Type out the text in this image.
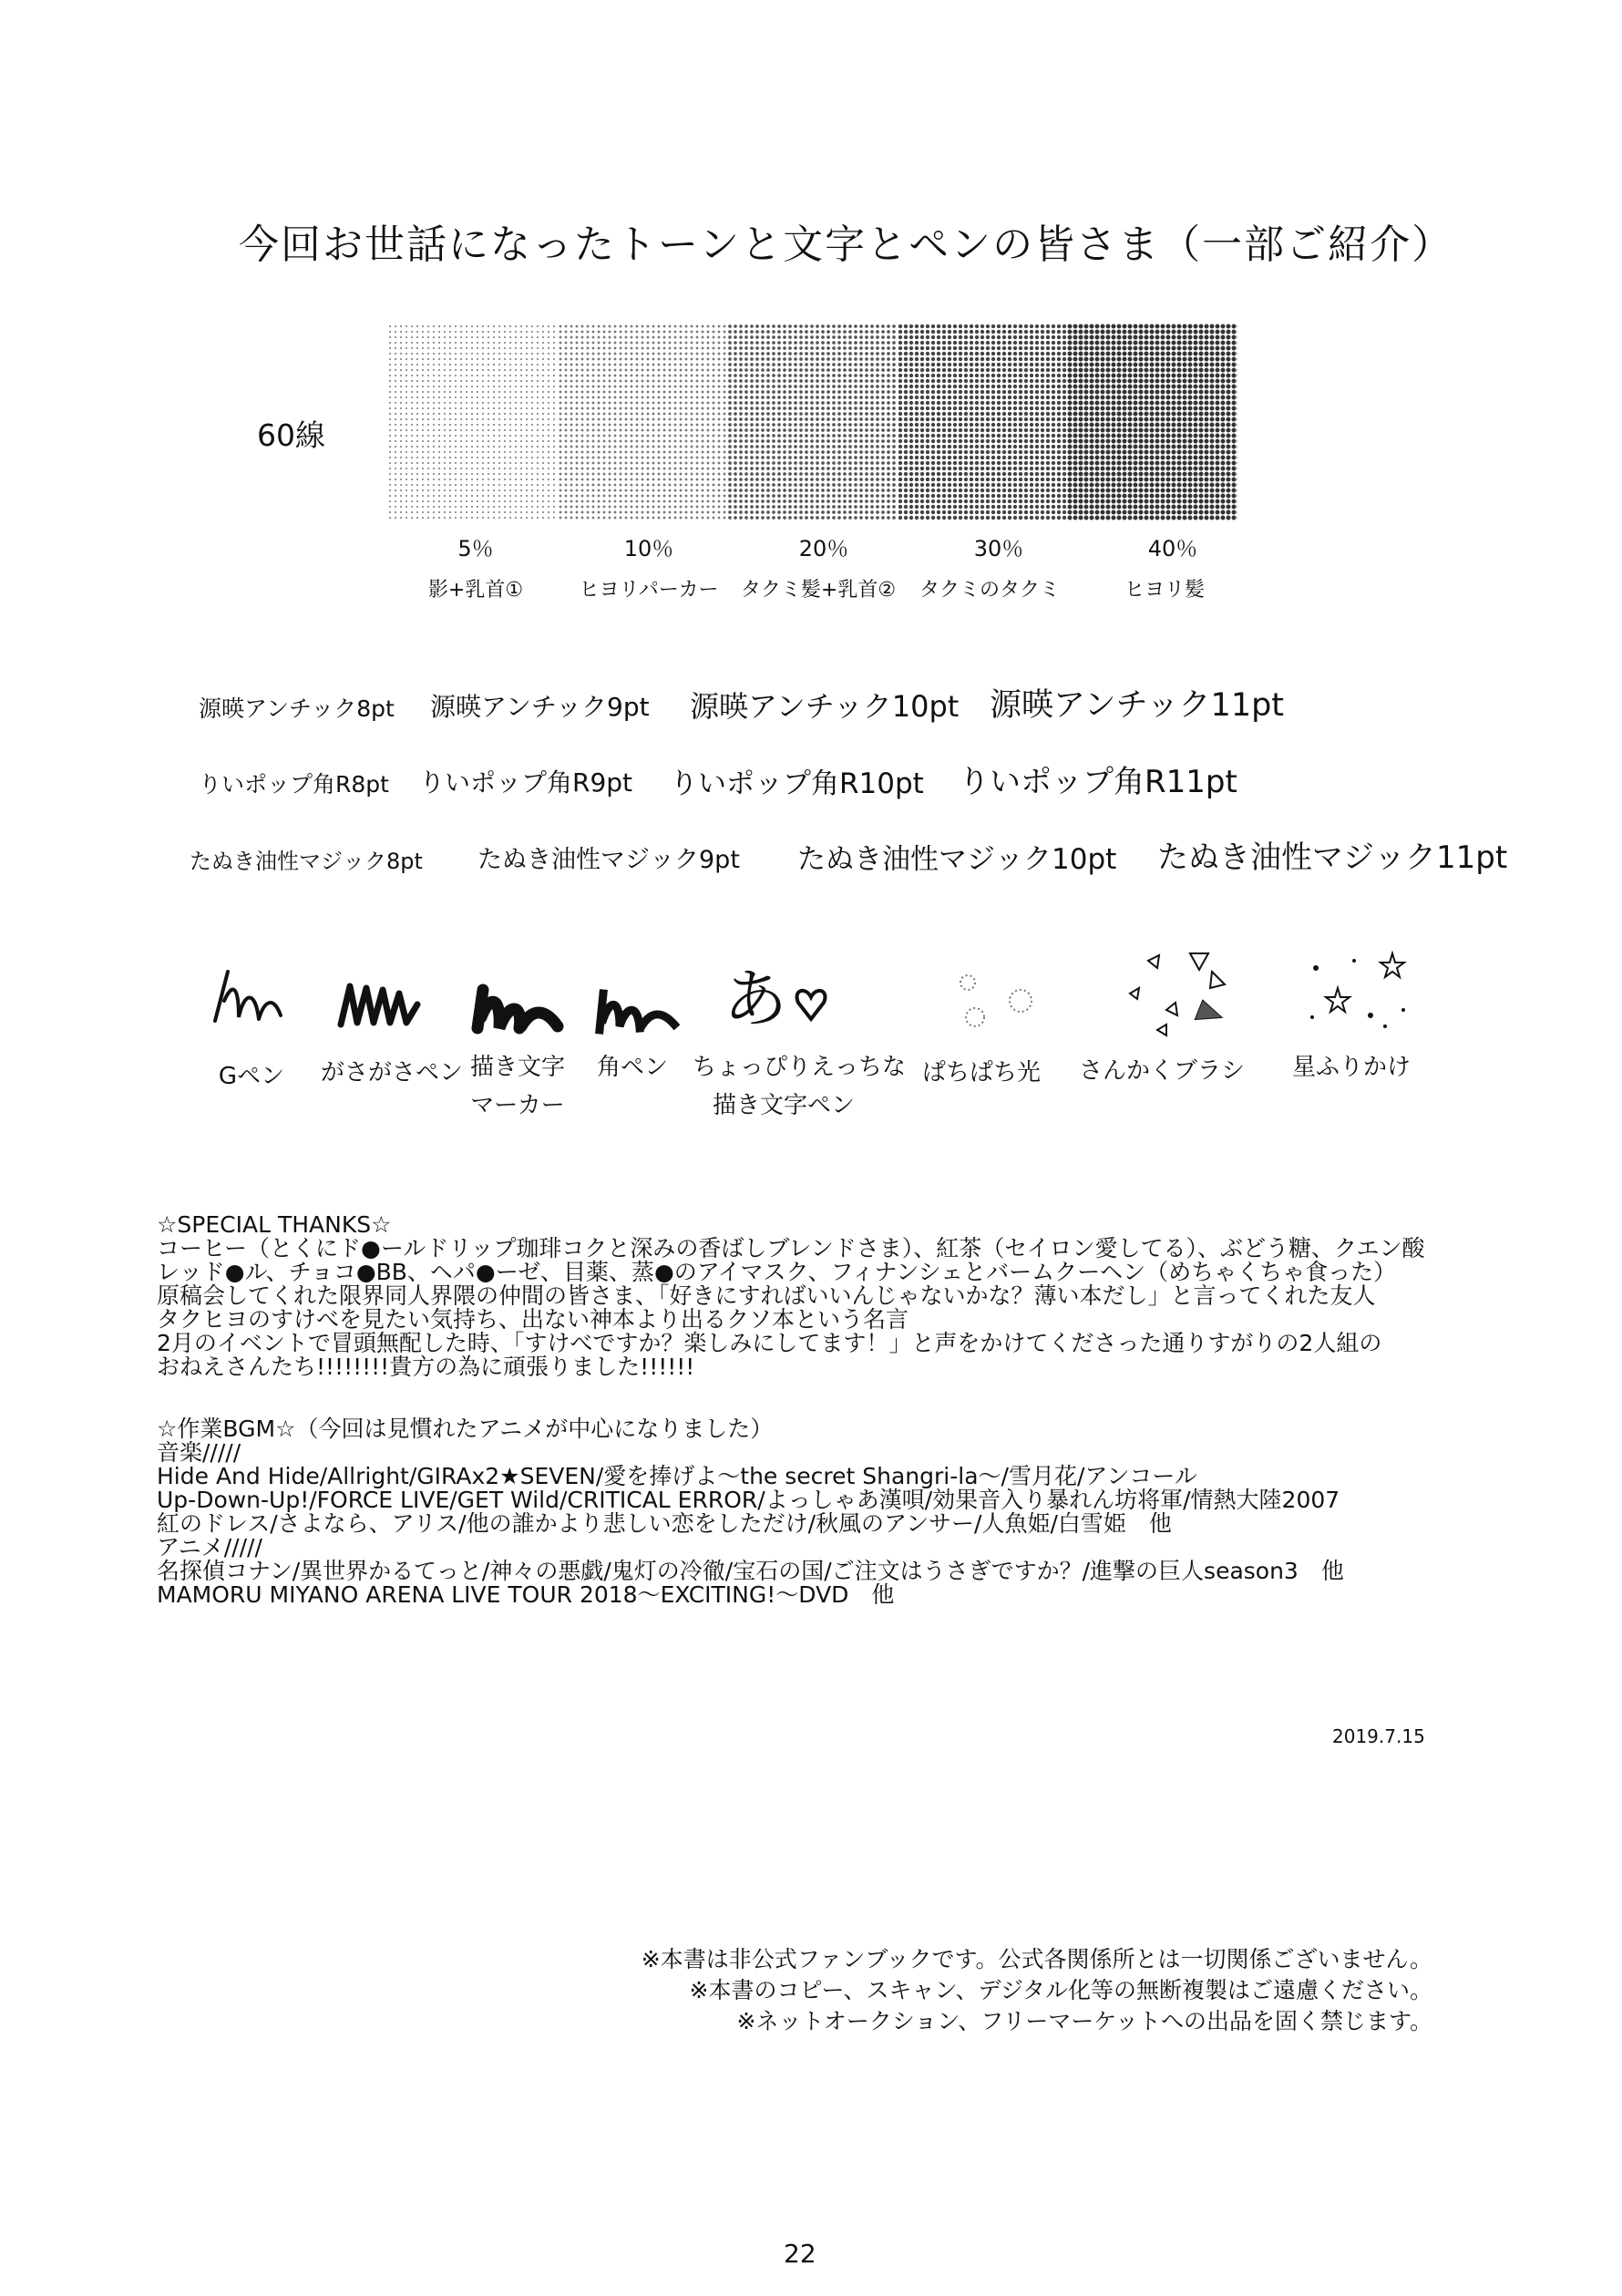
今回お世話になったトーンと文字とペンの皆さま（一部ご紹介）
60線
5％	10％	20％	30％	40％
影+乳首①	ヒヨリパーカー	タクミ髪+乳首②	タクミのタクミ	ヒヨリ髪
源暎アンチック8pt 源暎アンチック9pt 源暎アンチック10pt 源暎アンチック11pt
りいポップ角R8pt りいポップ角R9pt りいポップ角R10pt りいポップ角R11pt
たぬき油性マジック8pt たぬき油性マジック9pt たぬき油性マジック10pt たぬき油性マジック11pt
あ
Gペン	がさがさペン 描き文字
マーカー
角ペン	ちょっぴりえっちな
描き文字ペン
ぱちぱち光 さんかくブラシ	星ふりかけ
☆SPECIAL THANKS☆
コーヒー（とくにド●ールドリップ珈琲コクと深みの香ばしブレンドさま）、紅茶（セイロン愛してる）、ぶどう糖、クエン酸
レッド●ル、チョコ●BB、ヘパ●ーゼ、目薬、蒸●のアイマスク、フィナンシェとバームクーヘン（めちゃくちゃ食った）
原稿会してくれた限界同人界隈の仲間の皆さま、「好きにすればいいんじゃないかな？薄い本だし」と言ってくれた友人
タクヒヨのすけべを見たい気持ち、出ない神本より出るクソ本という名言
2月のイベントで冒頭無配した時、「すけべですか？楽しみにしてます！」と声をかけてくださった通りすがりの2人組の
おねえさんたち!!!!!!!!貴方の為に頑張りました!!!!!!
☆作業BGM☆（今回は見慣れたアニメが中心になりました）
音楽/////
Hide And Hide/Allright/GIRAx2★SEVEN/愛を捧げよ～the secret Shangri-la～/雪月花/アンコール
Up-Down-Up!/FORCE LIVE/GET Wild/CRITICAL ERROR/よっしゃあ漢唄/効果音入り暴れん坊将軍/情熱大陸2007
紅のドレス/さよなら、アリス/他の誰かより悲しい恋をしただけ/秋風のアンサー/人魚姫/白雪姫　他
アニメ/////
名探偵コナン/異世界かるてっと/神々の悪戯/鬼灯の冷徹/宝石の国/ご注文はうさぎですか？/進撃の巨人season3　他
MAMORU MIYANO ARENA LIVE TOUR 2018～EXCITING!～DVD　他
2019.7.15
※本書は非公式ファンブックです。公式各関係所とは一切関係ございません。
※本書のコピー、スキャン、デジタル化等の無断複製はご遠慮ください。
※ネットオークション、フリーマーケットへの出品を固く禁じます。
22
